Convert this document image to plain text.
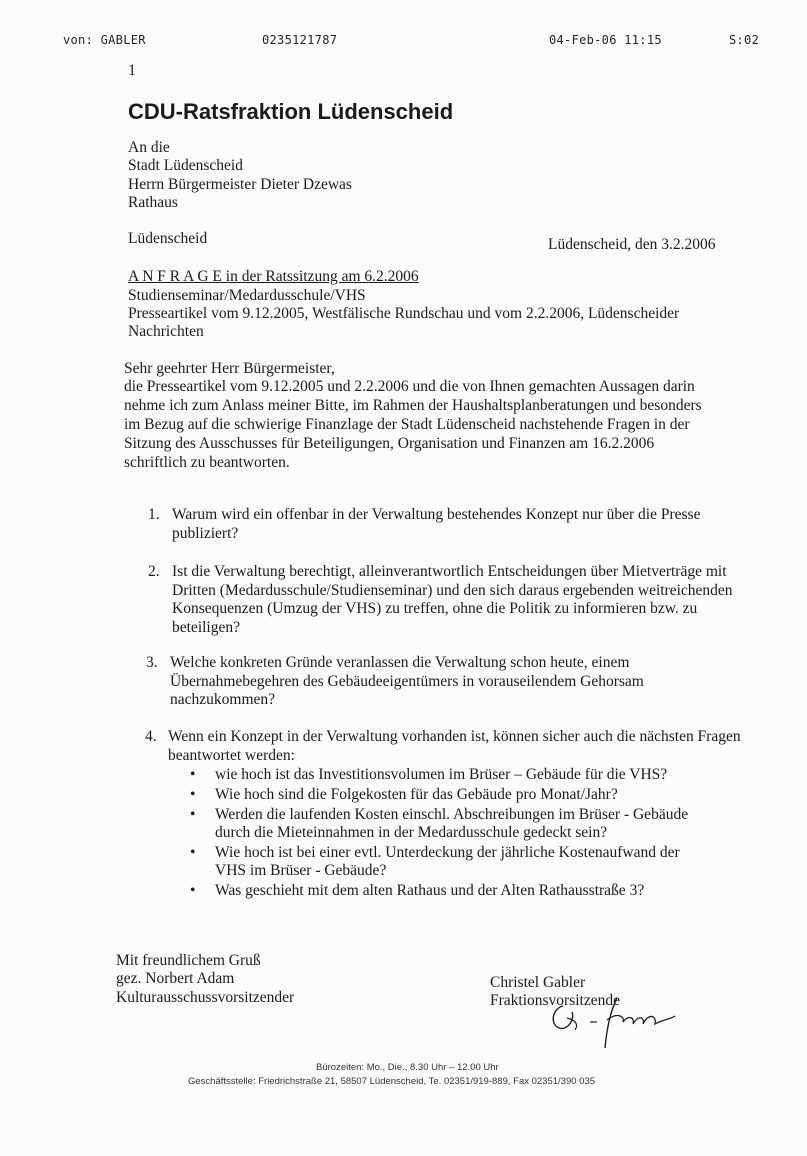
von: GABLER	0235121787	04-Feb-06 11:15	S:02
1
CDU-Ratsfraktion Lüdenscheid
An die
Stadt Lüdenscheid
Herrn Bürgermeister Dieter Dzewas
Rathaus
Lüdenscheid	Lüdenscheid, den 3.2.2006
A N F R A G E in der Ratssitzung am 6.2.2006
Studienseminar/Medardusschule/VHS
Presseartikel vom 9.12.2005, Westfälische Rundschau und vom 2.2.2006, Lüdenscheider
Nachrichten
Sehr geehrter Herr Bürgermeister,
die Presseartikel vom 9.12.2005 und 2.2.2006 und die von Ihnen gemachten Aussagen darin
nehme ich zum Anlass meiner Bitte, im Rahmen der Haushaltsplanberatungen und besonders
im Bezug auf die schwierige Finanzlage der Stadt Lüdenscheid nachstehende Fragen in der
Sitzung des Ausschusses für Beteiligungen, Organisation und Finanzen am 16.2.2006
schriftlich zu beantworten.
1. Warum wird ein offenbar in der Verwaltung bestehendes Konzept nur über die Presse publiziert?
2. Ist die Verwaltung berechtigt, alleinverantwortlich Entscheidungen über Mietverträge mit Dritten (Medardusschule/Studienseminar) und den sich daraus ergebenden weitreichenden Konsequenzen (Umzug der VHS) zu treffen, ohne die Politik zu informieren bzw. zu beteiligen?
3. Welche konkreten Gründe veranlassen die Verwaltung schon heute, einem Übernahmebegehren des Gebäudeeigentümers in vorauseilendem Gehorsam nachzukommen?
4. Wenn ein Konzept in der Verwaltung vorhanden ist, können sicher auch die nächsten Fragen beantwortet werden:
• wie hoch ist das Investitionsvolumen im Brüser – Gebäude für die VHS?
• Wie hoch sind die Folgekosten für das Gebäude pro Monat/Jahr?
• Werden die laufenden Kosten einschl. Abschreibungen im Brüser - Gebäude durch die Mieteinnahmen in der Medardusschule gedeckt sein?
• Wie hoch ist bei einer evtl. Unterdeckung der jährliche Kostenaufwand der VHS im Brüser - Gebäude?
• Was geschieht mit dem alten Rathaus und der Alten Rathausstraße 3?
Mit freundlichem Gruß
gez. Norbert Adam
Kulturausschussvorsitzender
Christel Gabler
Fraktionsvorsitzende
Bürozeiten: Mo., Die., 8.30 Uhr – 12.00 Uhr
Geschäftsstelle: Friedrichstraße 21, 58507 Lüdenscheid, Te. 02351/919-889, Fax 02351/390 035
